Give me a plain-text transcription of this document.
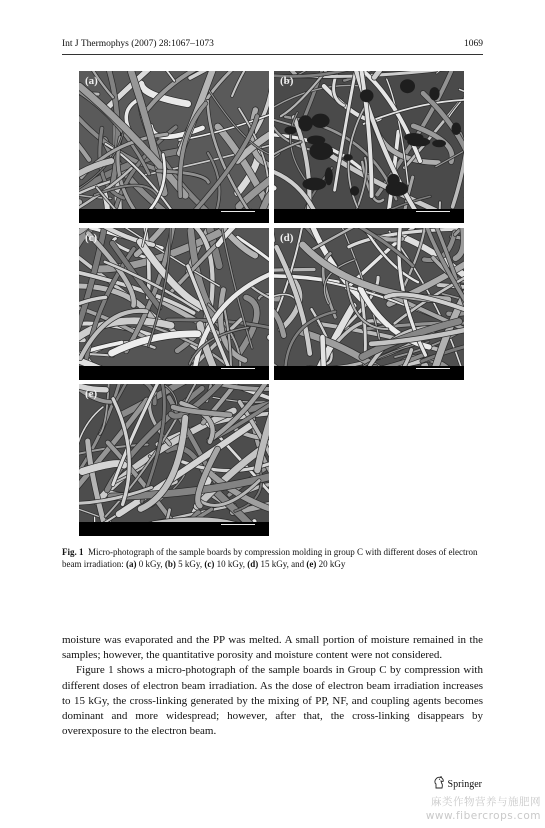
Int J Thermophys (2007) 28:1067–1073	1069
(a)

	(b)

(c)

	(d)

(e)

Fig. 1 Micro-photograph of the sample boards by compression molding in group C with different doses of electron beam irradiation: (a) 0 kGy, (b) 5 kGy, (c) 10 kGy, (d) 15 kGy, and (e) 20 kGy

moisture was evaporated and the PP was melted. A small portion of moisture remained in the samples; however, the quantitative porosity and moisture content were not considered.

Figure 1 shows a micro-photograph of the sample boards in Group C by compression with different doses of electron beam irradiation. As the dose of electron beam irradiation increases to 15 kGy, the cross-linking generated by the mixing of PP, NF, and coupling agents becomes dominant and more widespread; however, after that, the cross-linking disappears by overexposure to the electron beam.

Springer
麻类作物营养与施肥网
www.fibercrops.com
